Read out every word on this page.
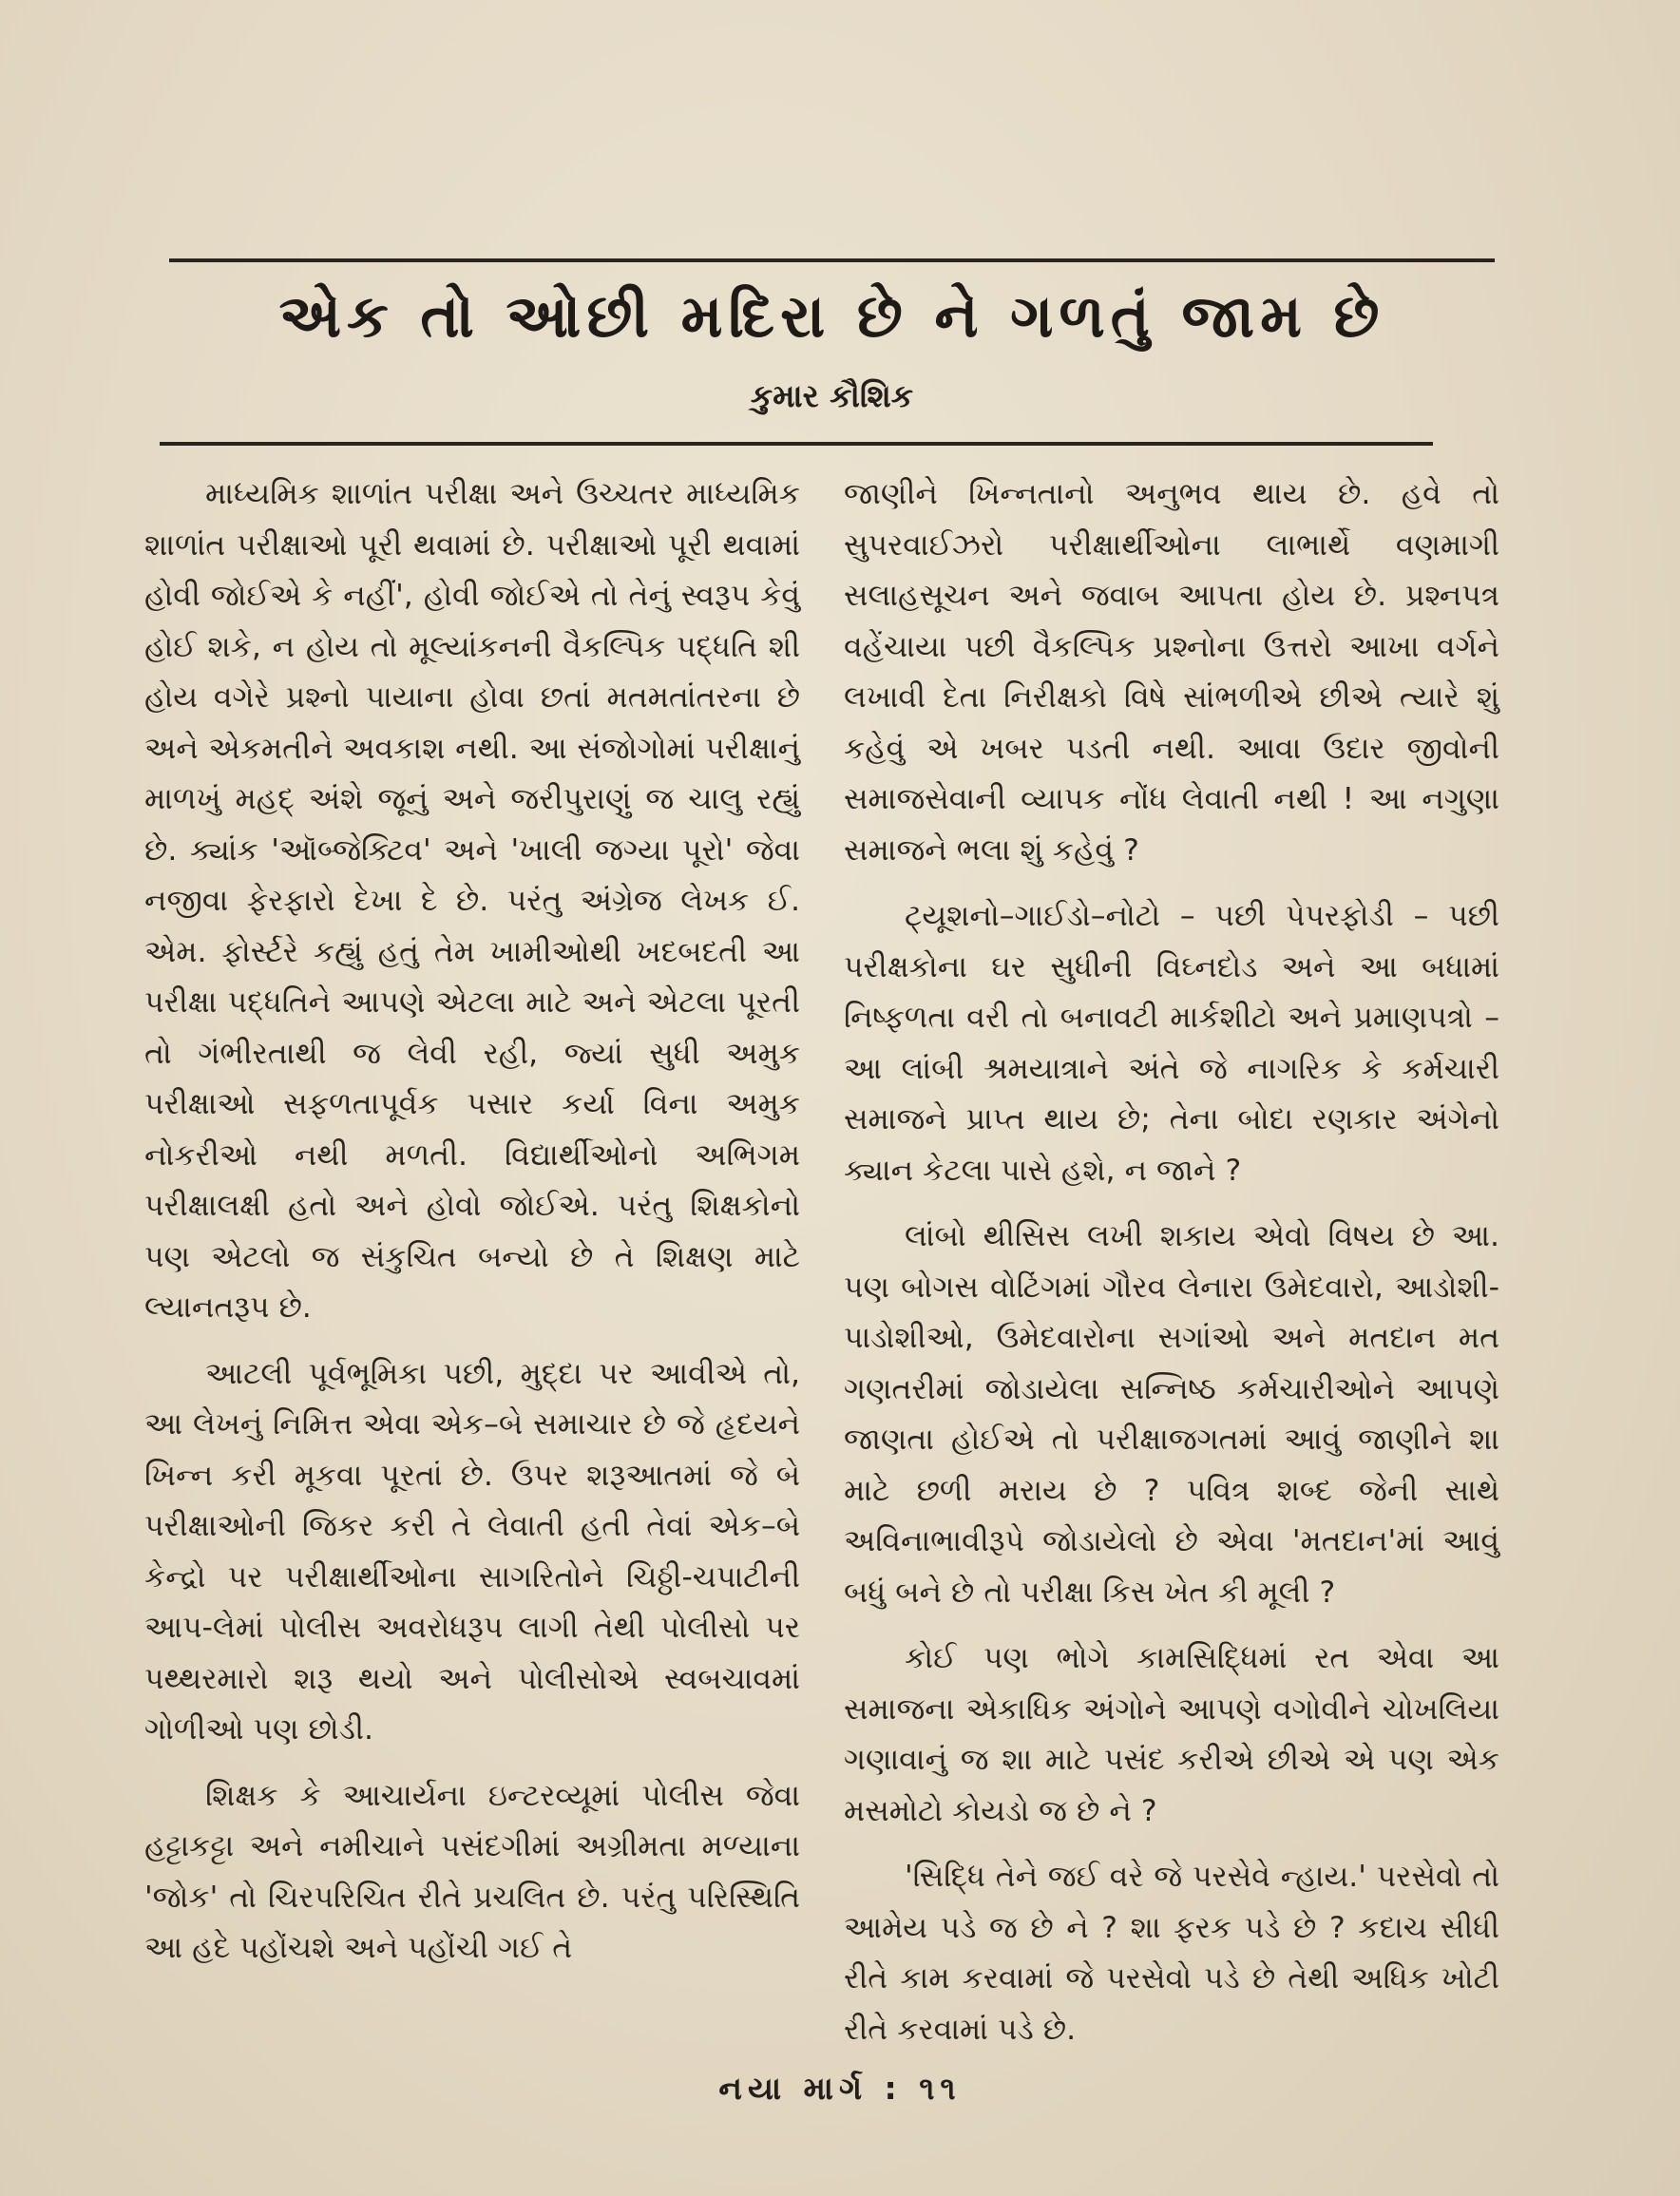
એક તો ઓછી મદિરા છે ને ગળતું જામ છે
કુમાર કૌશિક

માધ્યમિક શાળાંત પરીક્ષા અને ઉચ્ચતર માધ્યમિક શાળાંત પરીક્ષાઓ પૂરી થવામાં છે. પરીક્ષાઓ પૂરી થવામાં હોવી જોઈએ કે નહીં', હોવી જોઈએ તો તેનું સ્વરૂપ કેવું હોઈ શકે, ન હોય તો મૂલ્યાંકનની વૈકલ્પિક પદ્ધતિ શી હોય વગેરે પ્રશ્નો પાયાના હોવા છતાં મતમતાંતરના છે અને એકમતીને અવકાશ નથી. આ સંજોગોમાં પરીક્ષાનું માળખું મહદ્ અંશે જૂનું અને જરીપુરાણું જ ચાલુ રહ્યું છે. ક્યાંક 'ઑબ્જેક્ટિવ' અને 'ખાલી જગ્યા પૂરો' જેવા નજીવા ફેરફારો દેખા દે છે. પરંતુ અંગ્રેજ લેખક ઈ. એમ. ફોર્સ્ટરે કહ્યું હતું તેમ ખામીઓથી ખદબદતી આ પરીક્ષા પદ્ધતિને આપણે એટલા માટે અને એટલા પૂરતી તો ગંભીરતાથી જ લેવી રહી, જ્યાં સુધી અમુક પરીક્ષાઓ સફળતાપૂર્વક પસાર કર્યા વિના અમુક નોકરીઓ નથી મળતી. વિદ્યાર્થીઓનો અભિગમ પરીક્ષાલક્ષી હતો અને હોવો જોઈએ. પરંતુ શિક્ષકોનો પણ એટલો જ સંકુચિત બન્યો છે તે શિક્ષણ માટે લ્યાનતરૂપ છે.

આટલી પૂર્વભૂમિકા પછી, મુદ્દા પર આવીએ તો, આ લેખનું નિમિત્ત એવા એક–બે સમાચાર છે જે હૃદયને ખિન્ન કરી મૂકવા પૂરતાં છે. ઉપર શરૂઆતમાં જે બે પરીક્ષાઓની જિકર કરી તે લેવાતી હતી તેવાં એક–બે કેન્દ્રો પર પરીક્ષાર્થીઓના સાગરિતોને ચિઠ્ઠી-ચપાટીની આપ-લેમાં પોલીસ અવરોધરૂપ લાગી તેથી પોલીસો પર પથ્થરમારો શરૂ થયો અને પોલીસોએ સ્વબચાવમાં ગોળીઓ પણ છોડી.

શિક્ષક કે આચાર્યના ઇન્ટરવ્યૂમાં પોલીસ જેવા હટ્ટાકટ્ટા અને નમીચાને પસંદગીમાં અગ્રીમતા મળ્યાના 'જોક' તો ચિરપરિચિત રીતે પ્રચલિત છે. પરંતુ પરિસ્થિતિ આ હદે પહોંચશે અને પહોંચી ગઈ તે

જાણીને ખિન્નતાનો અનુભવ થાય છે. હવે તો સુપરવાઈઝરો પરીક્ષાર્થીઓના લાભાર્થે વણમાગી સલાહસૂચન અને જવાબ આપતા હોય છે. પ્રશ્નપત્ર વહેંચાયા પછી વૈકલ્પિક પ્રશ્નોના ઉત્તરો આખા વર્ગને લખાવી દેતા નિરીક્ષકો વિષે સાંભળીએ છીએ ત્યારે શું કહેવું એ ખબર પડતી નથી. આવા ઉદાર જીવોની સમાજસેવાની વ્યાપક નોંધ લેવાતી નથી ! આ નગુણા સમાજને ભલા શું કહેવું ?

ટ્યૂશનો–ગાઈડો–નોટો – પછી પેપરફોડી – પછી પરીક્ષકોના ઘર સુધીની વિઘ્નદોડ અને આ બધામાં નિષ્ફળતા વરી તો બનાવટી માર્કશીટો અને પ્રમાણપત્રો – આ લાંબી શ્રમયાત્રાને અંતે જે નાગરિક કે કર્મચારી સમાજને પ્રાપ્ત થાય છે; તેના બોદા રણકાર અંગેનો ક્યાન કેટલા પાસે હશે, ન જાને ?

લાંબો થીસિસ લખી શકાય એવો વિષય છે આ. પણ બોગસ વોટિંગમાં ગૌરવ લેનારા ઉમેદવારો, આડોશી-પાડોશીઓ, ઉમેદવારોના સગાંઓ અને મતદાન મત ગણતરીમાં જોડાયેલા સન્નિષ્ઠ કર્મચારીઓને આપણે જાણતા હોઈએ તો પરીક્ષાજગતમાં આવું જાણીને શા માટે છળી મરાય છે ? પવિત્ર શબ્દ જેની સાથે અવિનાભાવીરૂપે જોડાયેલો છે એવા 'મતદાન'માં આવું બધું બને છે તો પરીક્ષા કિસ ખેત કી મૂલી ?

કોઈ પણ ભોગે કામસિદ્ધિમાં રત એવા આ સમાજના એકાધિક અંગોને આપણે વગોવીને ચોખલિયા ગણાવાનું જ શા માટે પસંદ કરીએ છીએ એ પણ એક મસમોટો કોયડો જ છે ને ?

'સિદ્ધિ તેને જઈ વરે જે પરસેવે ન્હાય.' પરસેવો તો આમેય પડે જ છે ને ? શા ફરક પડે છે ? કદાચ સીધી રીતે કામ કરવામાં જે પરસેવો પડે છે તેથી અધિક ખોટી રીતે કરવામાં પડે છે.

નયા માર્ગ : ૧૧
